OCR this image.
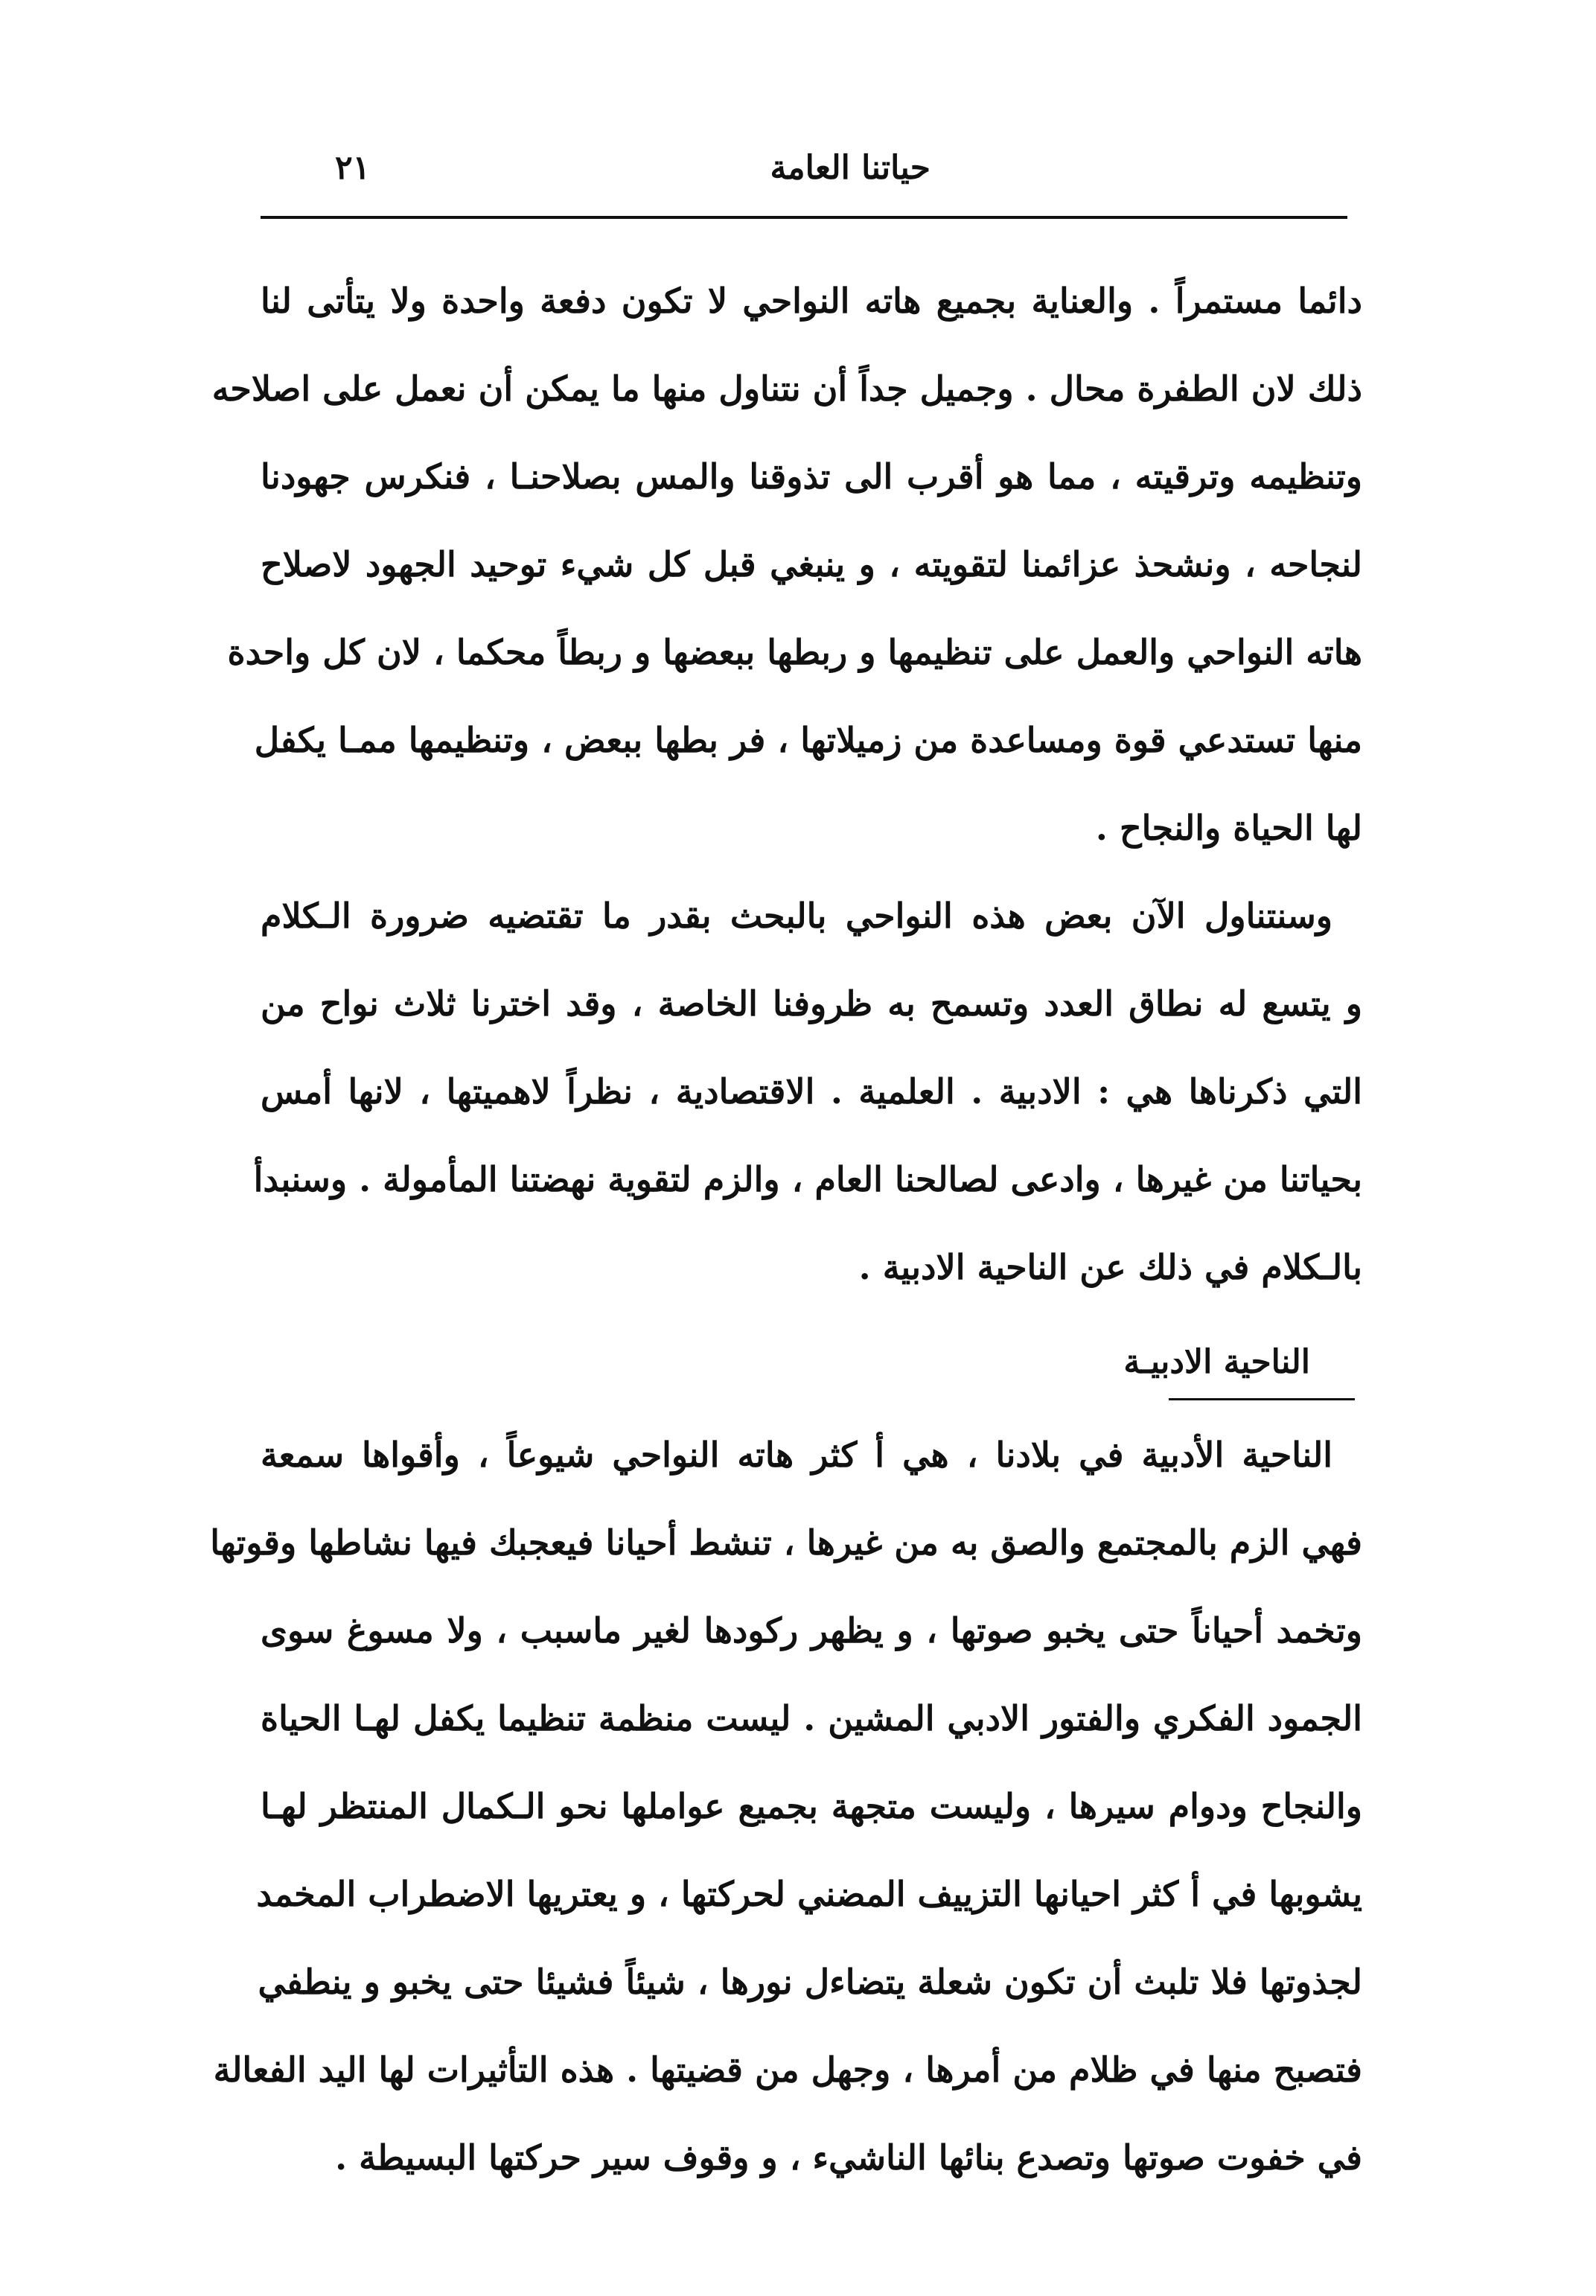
حياتنا العامة
٢١
دائما مستمراً . والعناية بجميع هاته النواحي لا تكون دفعة واحدة ولا يتأتى لنا
ذلك لان الطفرة محال . وجميل جداً أن نتناول منها ما يمكن أن نعمل على اصلاحه
وتنظيمه وترقيته ، مما هو أقرب الى تذوقنا والمس بصلاحنـا ، فنكرس جهودنا
لنجاحه ، ونشحذ عزائمنا لتقويته ، و ينبغي قبل كل شيء توحيد الجهود لاصلاح
هاته النواحي والعمل على تنظيمها و ربطها ببعضها و ربطاً محكما ، لان كل واحدة
منها تستدعي قوة ومساعدة من زميلاتها ، فر بطها ببعض ، وتنظيمها ممـا يكفل
لها الحياة والنجاح .
وسنتناول الآن بعض هذه النواحي بالبحث بقدر ما تقتضيه ضرورة الـكلام
و يتسع له نطاق العدد وتسمح به ظروفنا الخاصة ، وقد اخترنا ثلاث نواح من
التي ذكرناها هي : الادبية . العلمية . الاقتصادية ، نظراً لاهميتها ، لانها أمس
بحياتنا من غيرها ، وادعى لصالحنا العام ، والزم لتقوية نهضتنا المأمولة . وسنبدأ
بالـكلام في ذلك عن الناحية الادبية .
الناحية الادبيـة
الناحية الأدبية في بلادنا ، هي أ كثر هاته النواحي شيوعاً ، وأقواها سمعة
فهي الزم بالمجتمع والصق به من غيرها ، تنشط أحيانا فيعجبك فيها نشاطها وقوتها
وتخمد أحياناً حتى يخبو صوتها ، و يظهر ركودها لغير ماسبب ، ولا مسوغ سوى
الجمود الفكري والفتور الادبي المشين . ليست منظمة تنظيما يكفل لهـا الحياة
والنجاح ودوام سيرها ، وليست متجهة بجميع عواملها نحو الـكمال المنتظر لهـا
يشوبها في أ كثر احيانها التزييف المضني لحركتها ، و يعتريها الاضطراب المخمد
لجذوتها فلا تلبث أن تكون شعلة يتضاءل نورها ، شيئاً فشيئا حتى يخبو و ينطفي
فتصبح منها في ظلام من أمرها ، وجهل من قضيتها . هذه التأثيرات لها اليد الفعالة
في خفوت صوتها وتصدع بنائها الناشيء ، و وقوف سير حركتها البسيطة .
